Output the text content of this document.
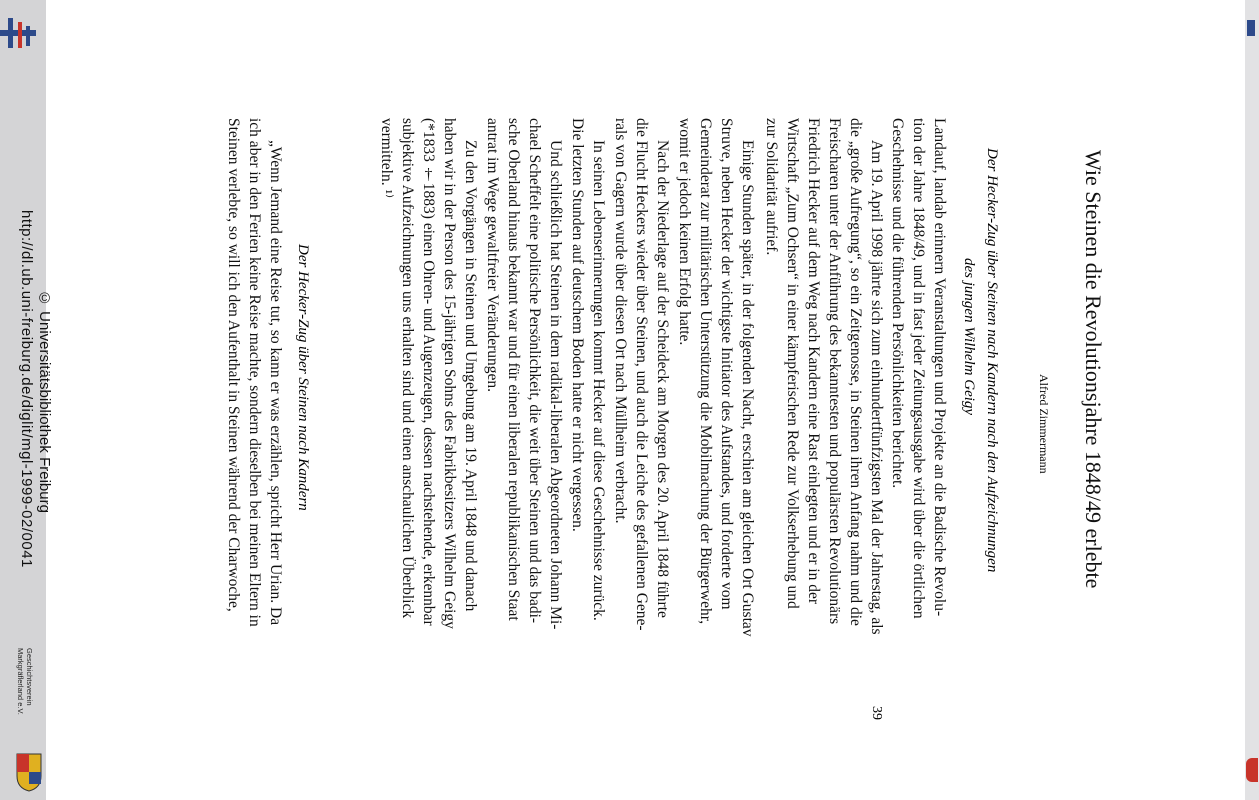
Geschichtsverein
Markgräflerland e.V.
http://dl.ub.uni-freiburg.de/diglit/mgl-1999-02/0041 © Universitätsbibliothek Freiburg	Wie Steinen die Revolutionsjahre 1848/49 erlebte
Alfred Zimmermann
Der Hecker-Zug über Steinen nach Kandern nach den Aufzeichnungen
des jungen Wilhelm Geigy
Der Hecker-Zug über Steinen nach Kandern
39
Landauf, landab erinnern Veranstaltungen und Projekte an die Badische Revolu-
tion der Jahre 1848/49, und in fast jeder Zeitungsausgabe wird über die örtlichen
Geschehnisse und die führenden Persönlichkeiten berichtet.
Am 19. April 1998 jährte sich zum einhundertfünfzigsten Mal der Jahrestag, als
die „große Aufregung“, so ein Zeitgenosse, in Steinen ihren Anfang nahm und die
Freischaren unter der Anführung des bekanntesten und populärsten Revolutionärs
Friedrich Hecker auf dem Weg nach Kandern eine Rast einlegten und er in der
Wirtschaft „Zum Ochsen“ in einer kämpferischen Rede zur Volkserhebung und
zur Solidarität aufrief.
Einige Stunden später, in der folgenden Nacht, erschien am gleichen Ort Gustav
Struve, neben Hecker der wichtigste Initiator des Aufstandes, und forderte vom
Gemeinderat zur militärischen Unterstützung die Mobilmachung der Bürgerwehr,
womit er jedoch keinen Erfolg hatte.
Nach der Niederlage auf der Scheideck am Morgen des 20. April 1848 führte
die Flucht Heckers wieder über Steinen, und auch die Leiche des gefallenen Gene-
rals von Gagern wurde über diesen Ort nach Müllheim verbracht.
In seinen Lebenserinnerungen kommt Hecker auf diese Geschehnisse zurück.
Die letzten Stunden auf deutschem Boden hatte er nicht vergessen.
Und schließlich hat Steinen in dem radikal-liberalen Abgeordneten Johann Mi-
chael Scheffelt eine politische Persönlichkeit, die weit über Steinen und das badi-
sche Oberland hinaus bekannt war und für einen liberalen republikanischen Staat
antrat im Wege gewaltfreier Veränderungen.
Zu den Vorgängen in Steinen und Umgebung am 19. April 1848 und danach
haben wir in der Person des 15-jährigen Sohns des Fabrikbesitzers Wilhelm Geigy
(*1833 †1883) einen Ohren- und Augenzeugen, dessen nachstehende, erkennbar
subjektive Aufzeichnungen uns erhalten sind und einen anschaulichen Überblick
vermitteln. ¹⁾
„Wenn Jemand eine Reise tut, so kann er was erzählen, spricht Herr Urian. Da
ich aber in den Ferien keine Reise machte, sondern dieselben bei meinen Eltern in
Steinen verlebte, so will ich den Aufenthalt in Steinen während der Charwoche,
